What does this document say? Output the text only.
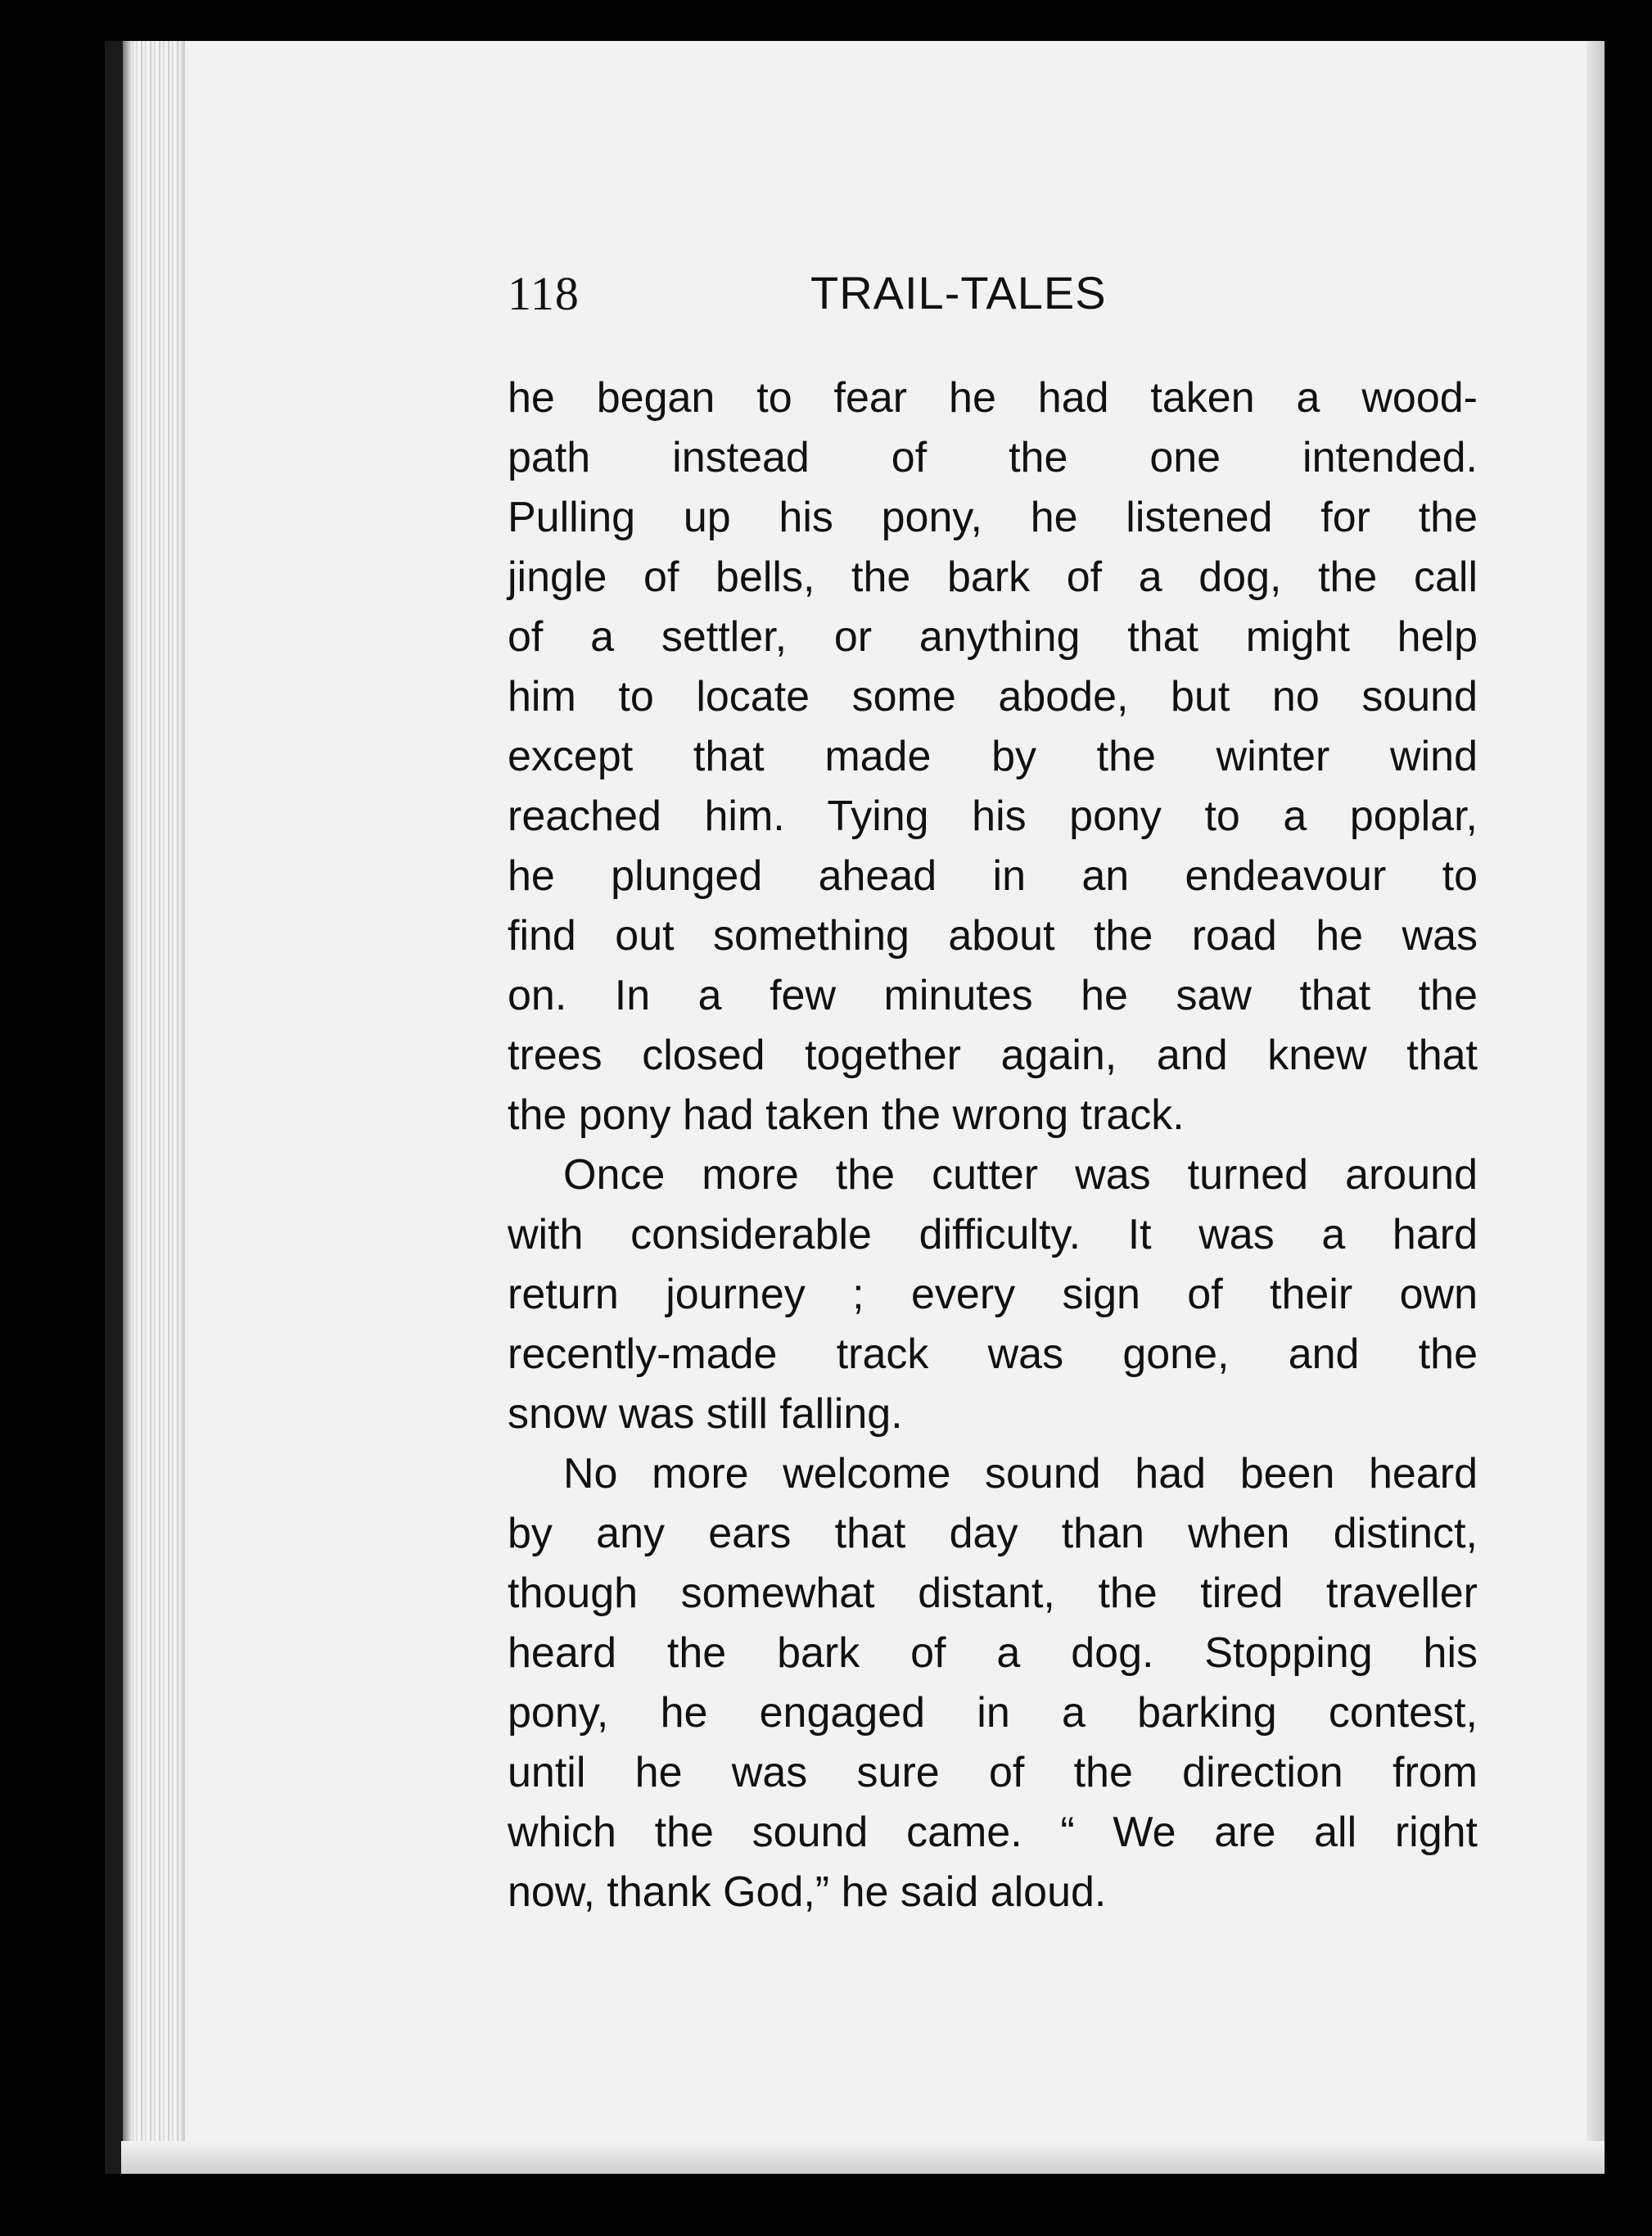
118	TRAIL-TALES
he began to fear he had taken a wood-
path instead of the one intended.
Pulling up his pony, he listened for the
jingle of bells, the bark of a dog, the call
of a settler, or anything that might help
him to locate some abode, but no sound
except that made by the winter wind
reached him. Tying his pony to a poplar,
he plunged ahead in an endeavour to
find out something about the road he was
on. In a few minutes he saw that the
trees closed together again, and knew that
the pony had taken the wrong track.
Once more the cutter was turned around
with considerable difficulty. It was a hard
return journey ; every sign of their own
recently-made track was gone, and the
snow was still falling.
No more welcome sound had been heard
by any ears that day than when distinct,
though somewhat distant, the tired traveller
heard the bark of a dog. Stopping his
pony, he engaged in a barking contest,
until he was sure of the direction from
which the sound came. “ We are all right
now, thank God,” he said aloud.
